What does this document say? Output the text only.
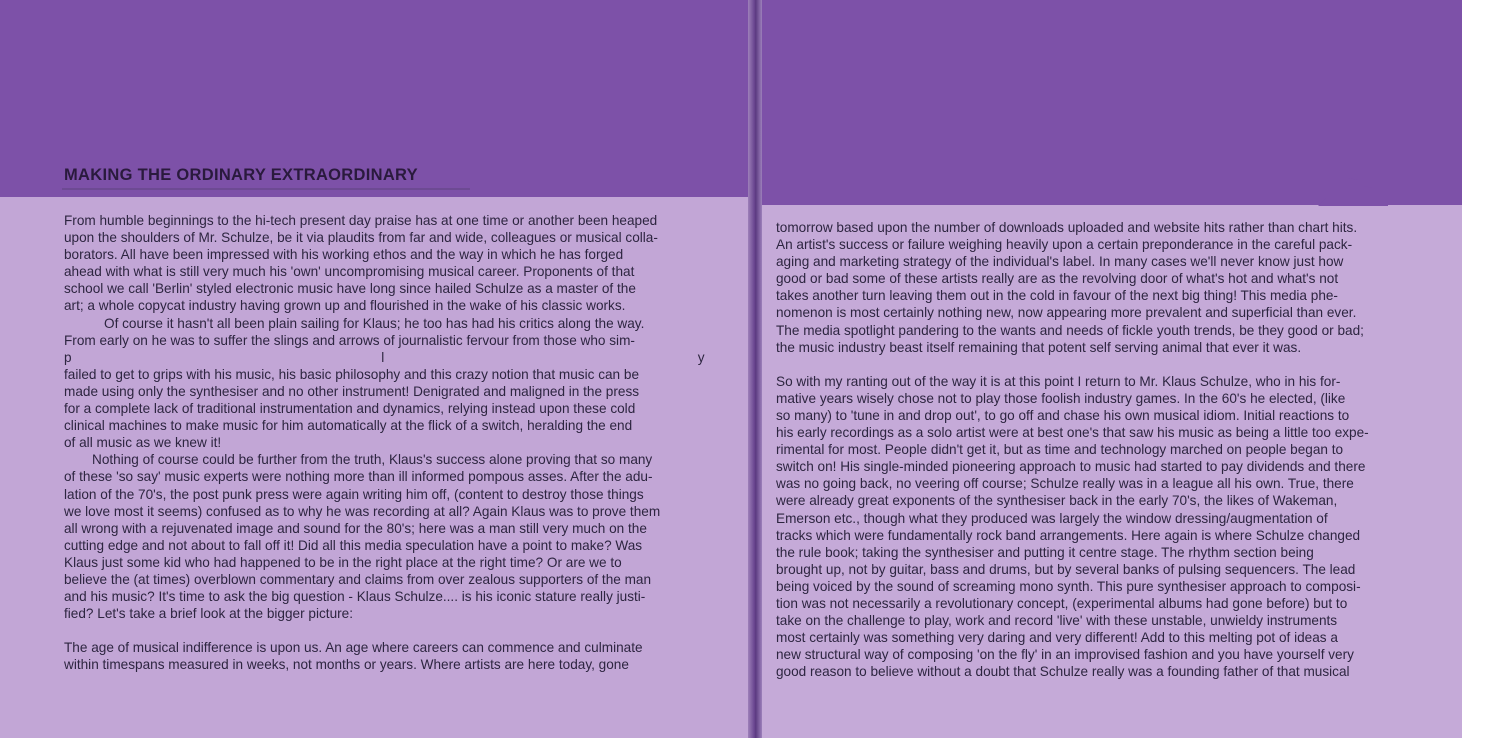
MAKING THE ORDINARY EXTRAORDINARY
From humble beginnings to the hi-tech present day praise has at one time or another been heaped
upon the shoulders of Mr. Schulze, be it via plaudits from far and wide, colleagues or musical colla-
borators. All have been impressed with his working ethos and the way in which he has forged
ahead with what is still very much his 'own' uncompromising musical career. Proponents of that
school we call 'Berlin' styled electronic music have long since hailed Schulze as a master of the
art; a whole copycat industry having grown up and flourished in the wake of his classic works.
Of course it hasn't all been plain sailing for Klaus; he too has had his critics along the way.
From early on he was to suffer the slings and arrows of journalistic fervour from those who sim-
p                                                                                  l                                                                                   y
failed to get to grips with his music, his basic philosophy and this crazy notion that music can be
made using only the synthesiser and no other instrument! Denigrated and maligned in the press
for a complete lack of traditional instrumentation and dynamics, relying instead upon these cold
clinical machines to make music for him automatically at the flick of a switch, heralding the end
of all music as we knew it!
Nothing of course could be further from the truth, Klaus's success alone proving that so many
of these 'so say' music experts were nothing more than ill informed pompous asses. After the adu-
lation of the 70's, the post punk press were again writing him off, (content to destroy those things
we love most it seems) confused as to why he was recording at all? Again Klaus was to prove them
all wrong with a rejuvenated image and sound for the 80's; here was a man still very much on the
cutting edge and not about to fall off it! Did all this media speculation have a point to make? Was
Klaus just some kid who had happened to be in the right place at the right time? Or are we to
believe the (at times) overblown commentary and claims from over zealous supporters of the man
and his music? It's time to ask the big question - Klaus Schulze.... is his iconic stature really justi-
fied? Let's take a brief look at the bigger picture:
The age of musical indifference is upon us. An age where careers can commence and culminate
within timespans measured in weeks, not months or years. Where artists are here today, gone
tomorrow based upon the number of downloads uploaded and website hits rather than chart hits.
An artist's success or failure weighing heavily upon a certain preponderance in the careful pack-
aging and marketing strategy of the individual's label. In many cases we'll never know just how
good or bad some of these artists really are as the revolving door of what's hot and what's not
takes another turn leaving them out in the cold in favour of the next big thing! This media phe-
nomenon is most certainly nothing new, now appearing more prevalent and superficial than ever.
The media spotlight pandering to the wants and needs of fickle youth trends, be they good or bad;
the music industry beast itself remaining that potent self serving animal that ever it was.
So with my ranting out of the way it is at this point I return to Mr. Klaus Schulze, who in his for-
mative years wisely chose not to play those foolish industry games. In the 60's he elected, (like
so many) to 'tune in and drop out', to go off and chase his own musical idiom. Initial reactions to
his early recordings as a solo artist were at best one's that saw his music as being a little too expe-
rimental for most. People didn't get it, but as time and technology marched on people began to
switch on! His single-minded pioneering approach to music had started to pay dividends and there
was no going back, no veering off course; Schulze really was in a league all his own. True, there
were already great exponents of the synthesiser back in the early 70's, the likes of Wakeman,
Emerson etc., though what they produced was largely the window dressing/augmentation of
tracks which were fundamentally rock band arrangements. Here again is where Schulze changed
the rule book; taking the synthesiser and putting it centre stage. The rhythm section being
brought up, not by guitar, bass and drums, but by several banks of pulsing sequencers. The lead
being voiced by the sound of screaming mono synth. This pure synthesiser approach to composi-
tion was not necessarily a revolutionary concept, (experimental albums had gone before) but to
take on the challenge to play, work and record 'live' with these unstable, unwieldy instruments
most certainly was something very daring and very different! Add to this melting pot of ideas a
new structural way of composing 'on the fly' in an improvised fashion and you have yourself very
good reason to believe without a doubt that Schulze really was a founding father of that musical
